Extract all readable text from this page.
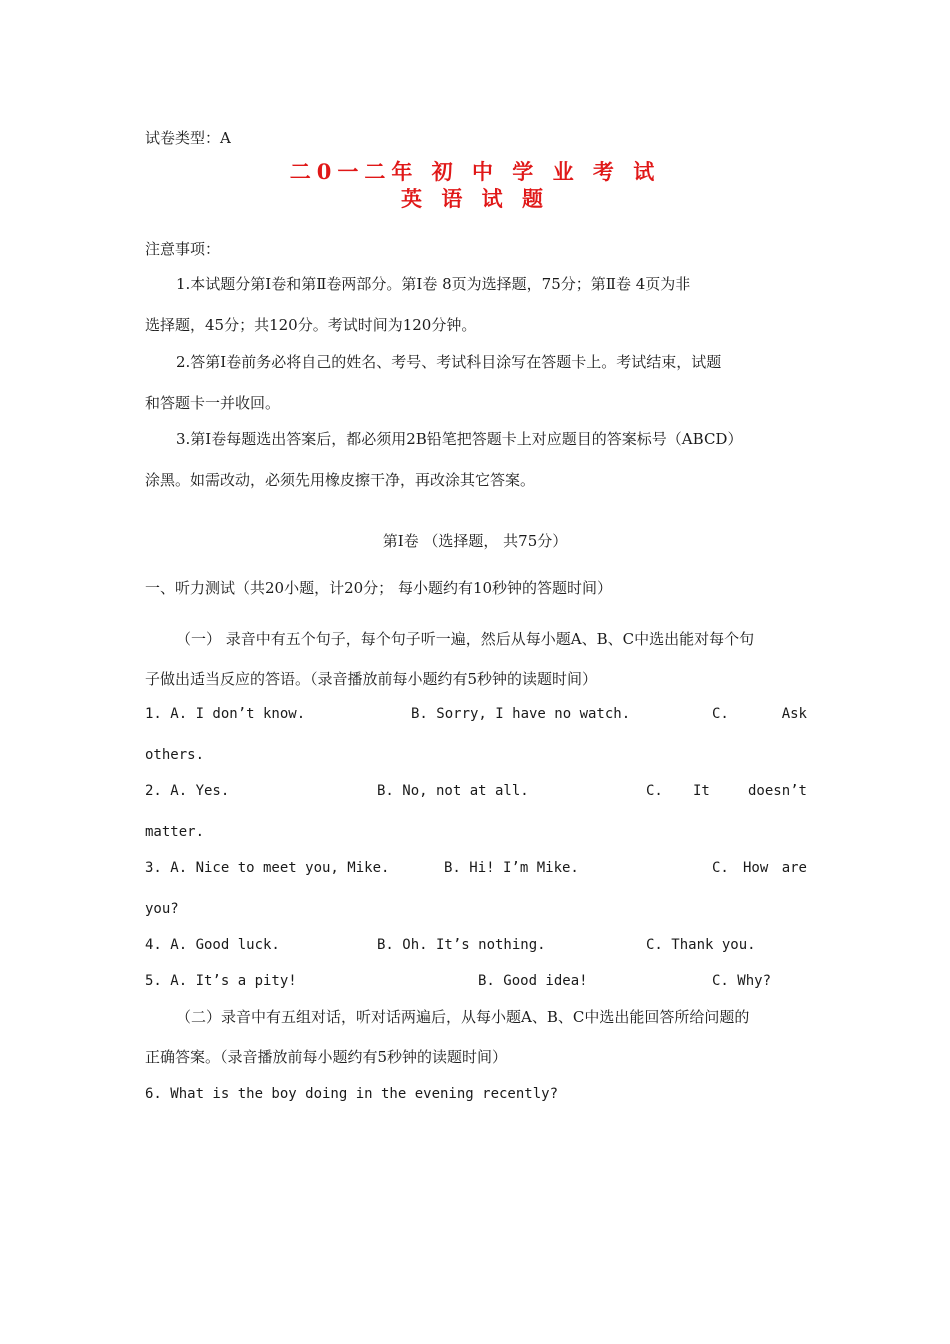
试卷类型：A
二0一二年 初 中 学 业 考 试
英 语 试 题
注意事项：
1.本试题分第Ⅰ卷和第Ⅱ卷两部分。第Ⅰ卷 8页为选择题，75分；第Ⅱ卷 4页为非
选择题，45分；共120分。考试时间为120分钟。
2.答第Ⅰ卷前务必将自己的姓名、考号、考试科目涂写在答题卡上。考试结束，试题
和答题卡一并收回。
3.第Ⅰ卷每题选出答案后，都必须用2B铅笔把答题卡上对应题目的答案标号（ABCD）
涂黑。如需改动，必须先用橡皮擦干净，再改涂其它答案。
第Ⅰ卷 （选择题， 共75分）
一、听力测试（共20小题，计20分； 每小题约有10秒钟的答题时间）
（一） 录音中有五个句子，每个句子听一遍，然后从每小题A、B、C中选出能对每个句
子做出适当反应的答语。（录音播放前每小题约有5秒钟的读题时间）
1. A. I don’t know.	B. Sorry, I have no watch.	C.	Ask
others.
2. A. Yes.	B. No, not at all.	C. It	doesn’t
matter.
3. A. Nice to meet you, Mike.	B. Hi! I’m Mike.	C. How are
you?
4. A. Good luck.	B. Oh. It’s nothing.	C. Thank you.
5. A. It’s a pity!	B. Good idea!	C. Why?
（二）录音中有五组对话，听对话两遍后，从每小题A、B、C中选出能回答所给问题的
正确答案。（录音播放前每小题约有5秒钟的读题时间）
6. What is the boy doing in the evening recently?
